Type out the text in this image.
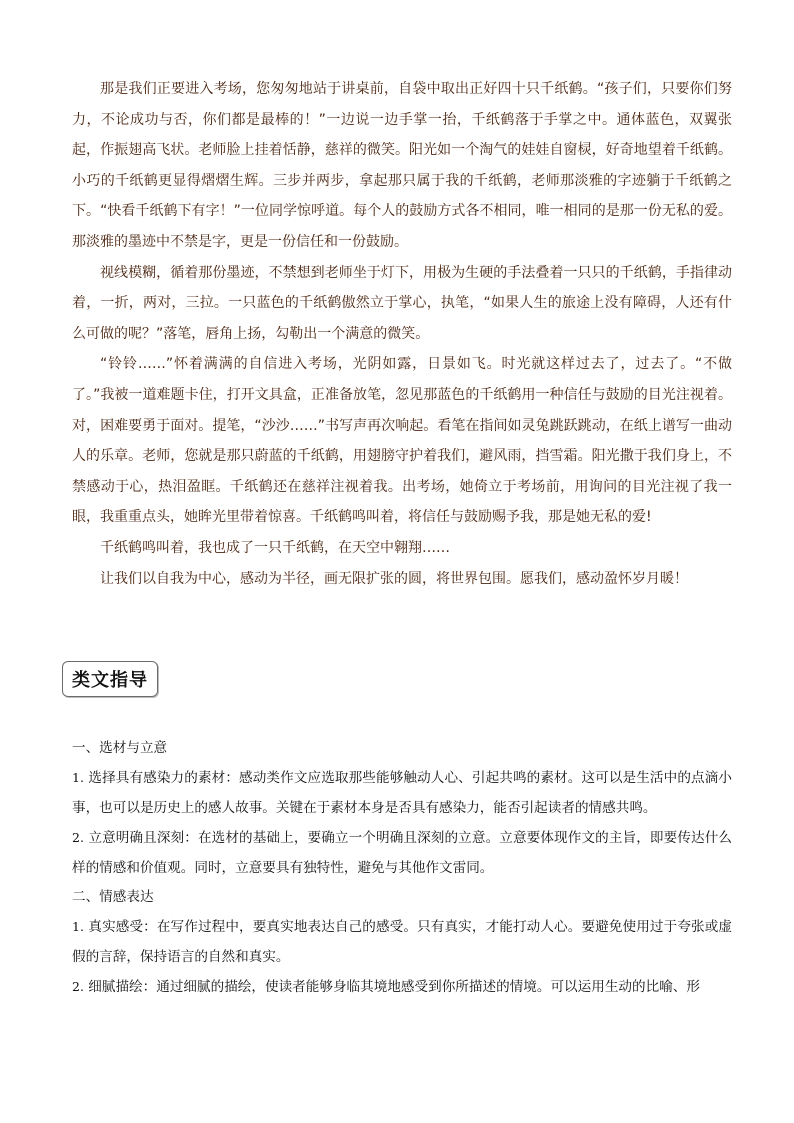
那是我们正要进入考场，您匆匆地站于讲桌前，自袋中取出正好四十只千纸鹤。“孩子们，只要你们努力，不论成功与否，你们都是最棒的！”一边说一边手掌一抬，千纸鹤落于手掌之中。通体蓝色，双翼张起，作振翅高飞状。老师脸上挂着恬静，慈祥的微笑。阳光如一个淘气的娃娃自窗棂，好奇地望着千纸鹤。小巧的千纸鹤更显得熠熠生辉。三步并两步，拿起那只属于我的千纸鹤，老师那淡雅的字迹躺于千纸鹤之下。“快看千纸鹤下有字！”一位同学惊呼道。每个人的鼓励方式各不相同，唯一相同的是那一份无私的爱。那淡雅的墨迹中不禁是字，更是一份信任和一份鼓励。

视线模糊，循着那份墨迹，不禁想到老师坐于灯下，用极为生硬的手法叠着一只只的千纸鹤，手指律动着，一折，两对，三拉。一只蓝色的千纸鹤傲然立于掌心，执笔，“如果人生的旅途上没有障碍，人还有什么可做的呢？”落笔，唇角上扬，勾勒出一个满意的微笑。

“铃铃……”怀着满满的自信进入考场，光阴如露，日景如飞。时光就这样过去了，过去了。“不做了。”我被一道难题卡住，打开文具盒，正准备放笔，忽见那蓝色的千纸鹤用一种信任与鼓励的目光注视着。对，困难要勇于面对。提笔，“沙沙……”书写声再次响起。看笔在指间如灵兔跳跃跳动，在纸上谱写一曲动人的乐章。老师，您就是那只蔚蓝的千纸鹤，用翅膀守护着我们，避风雨，挡雪霜。阳光撒于我们身上，不禁感动于心，热泪盈眶。千纸鹤还在慈祥注视着我。出考场，她倚立于考场前，用询问的目光注视了我一眼，我重重点头，她眸光里带着惊喜。千纸鹤鸣叫着，将信任与鼓励赐予我，那是她无私的爱!

千纸鹤鸣叫着，我也成了一只千纸鹤，在天空中翱翔……

让我们以自我为中心，感动为半径，画无限扩张的圆，将世界包围。愿我们，感动盈怀岁月暖！

类文指导

一、选材与立意

1. 选择具有感染力的素材：感动类作文应选取那些能够触动人心、引起共鸣的素材。这可以是生活中的点滴小事，也可以是历史上的感人故事。关键在于素材本身是否具有感染力，能否引起读者的情感共鸣。

2. 立意明确且深刻：在选材的基础上，要确立一个明确且深刻的立意。立意要体现作文的主旨，即要传达什么样的情感和价值观。同时，立意要具有独特性，避免与其他作文雷同。

二、情感表达

1. 真实感受：在写作过程中，要真实地表达自己的感受。只有真实，才能打动人心。要避免使用过于夸张或虚假的言辞，保持语言的自然和真实。

2. 细腻描绘：通过细腻的描绘，使读者能够身临其境地感受到你所描述的情境。可以运用生动的比喻、形
